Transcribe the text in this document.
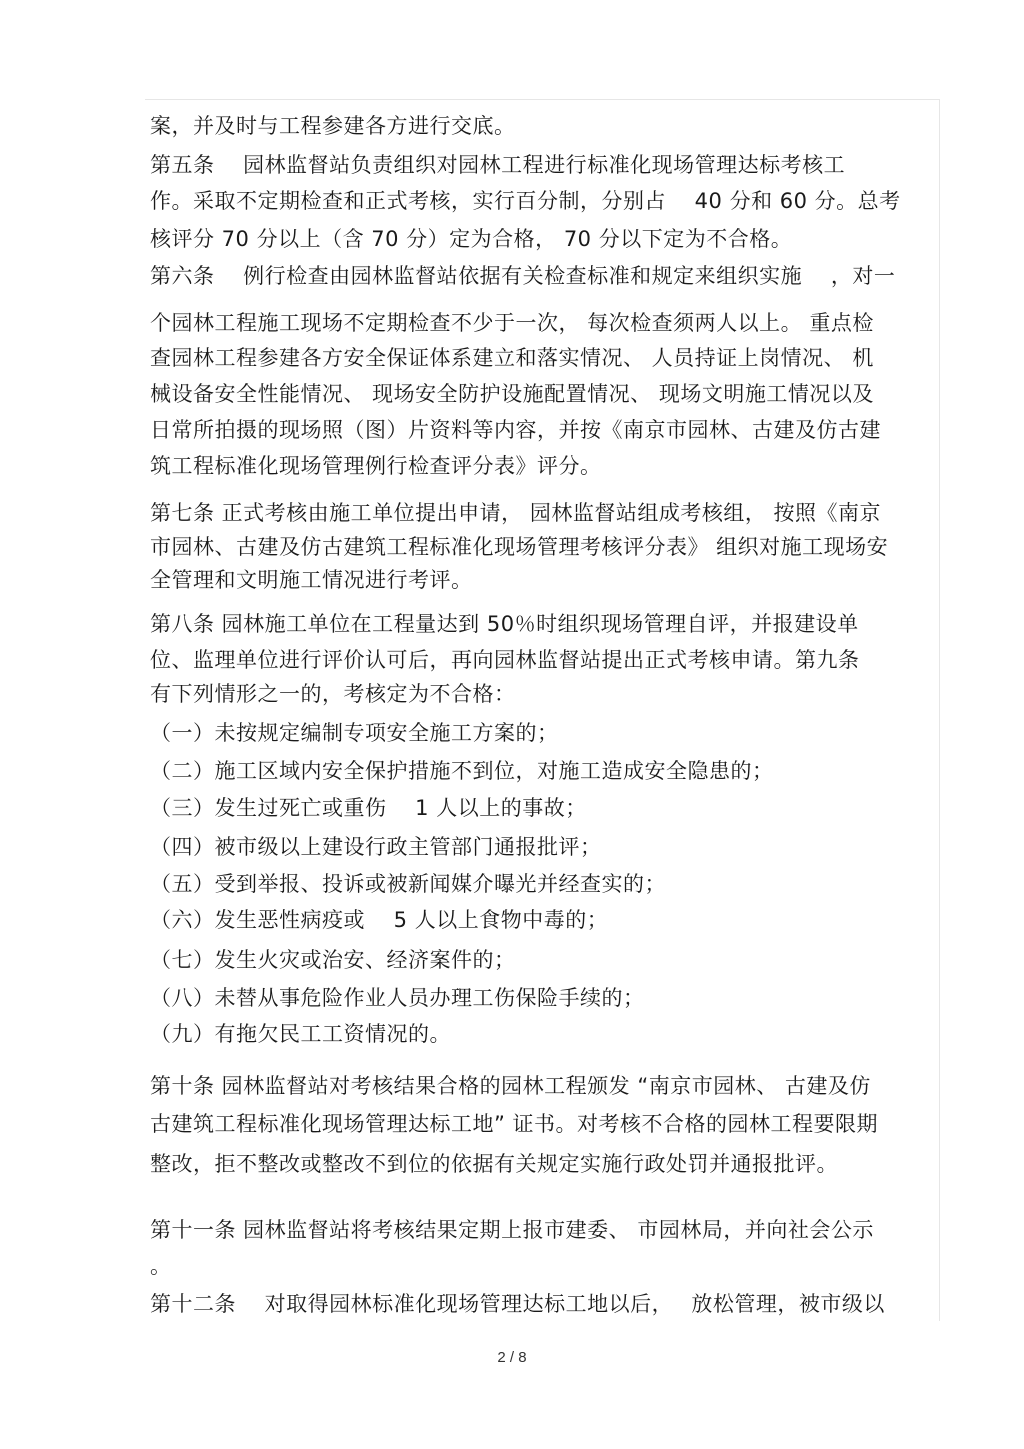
案，并及时与工程参建各方进行交底。
第五条　 园林监督站负责组织对园林工程进行标准化现场管理达标考核工
作。采取不定期检查和正式考核，实行百分制，分别占　 40 分和 60 分。总考
核评分 70 分以上（含 70 分）定为合格， 70 分以下定为不合格。
第六条　 例行检查由园林监督站依据有关检查标准和规定来组织实施　 ，对一
个园林工程施工现场不定期检查不少于一次， 每次检查须两人以上。 重点检
查园林工程参建各方安全保证体系建立和落实情况、 人员持证上岗情况、 机
械设备安全性能情况、 现场安全防护设施配置情况、 现场文明施工情况以及
日常所拍摄的现场照（图）片资料等内容，并按《南京市园林、古建及仿古建
筑工程标准化现场管理例行检查评分表》评分。
第七条 正式考核由施工单位提出申请， 园林监督站组成考核组， 按照《南京
市园林、古建及仿古建筑工程标准化现场管理考核评分表》 组织对施工现场安
全管理和文明施工情况进行考评。
第八条 园林施工单位在工程量达到 50％时组织现场管理自评，并报建设单
位、监理单位进行评价认可后，再向园林监督站提出正式考核申请。第九条
有下列情形之一的，考核定为不合格：
（一）未按规定编制专项安全施工方案的；
（二）施工区域内安全保护措施不到位，对施工造成安全隐患的；
（三）发生过死亡或重伤　 1 人以上的事故；
（四）被市级以上建设行政主管部门通报批评；
（五）受到举报、投诉或被新闻媒介曝光并经查实的；
（六）发生恶性病疫或　 5 人以上食物中毒的；
（七）发生火灾或治安、经济案件的；
（八）未替从事危险作业人员办理工伤保险手续的；
（九）有拖欠民工工资情况的。
第十条 园林监督站对考核结果合格的园林工程颁发 “南京市园林、 古建及仿
古建筑工程标准化现场管理达标工地” 证书。对考核不合格的园林工程要限期
整改，拒不整改或整改不到位的依据有关规定实施行政处罚并通报批评。
第十一条 园林监督站将考核结果定期上报市建委、 市园林局，并向社会公示
。
第十二条　 对取得园林标准化现场管理达标工地以后，　 放松管理，被市级以
2 / 8
